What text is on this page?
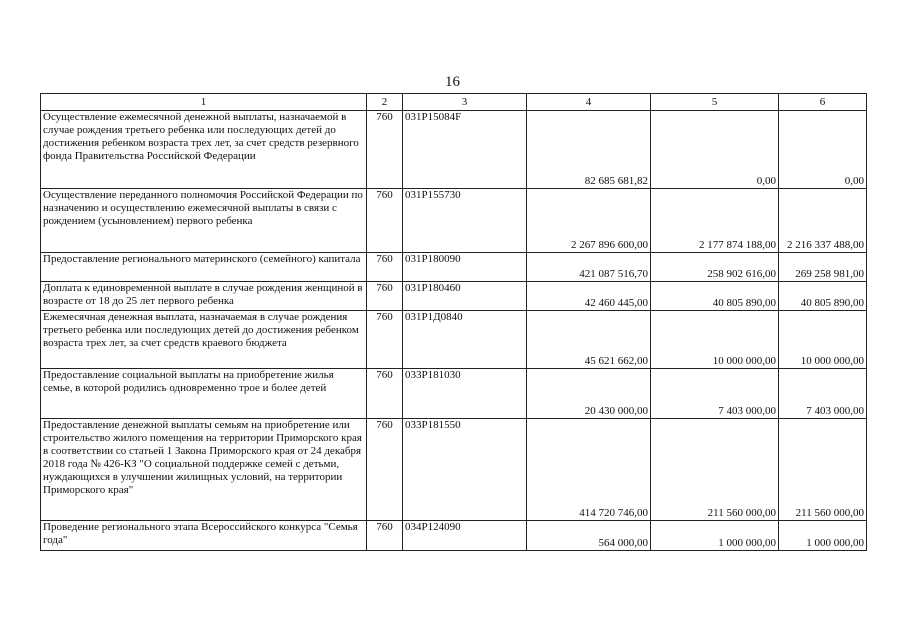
16
1	2	3	4	5	6
Осуществление ежемесячной денежной выплаты, назначаемой в случае рождения третьего ребенка или последующих детей до достижения ребенком возраста трех лет, за счет средств резервного фонда Правительства Российской Федерации	760	031P15084F	82 685 681,82	0,00	0,00
Осуществление переданного полномочия Российской Федерации по назначению и осуществлению ежемесячной выплаты в связи с рождением (усыновлением) первого ребенка	760	031P155730	2 267 896 600,00	2 177 874 188,00	2 216 337 488,00
Предоставление регионального материнского (семейного) капитала	760	031P180090	421 087 516,70	258 902 616,00	269 258 981,00
Доплата к единовременной выплате в случае рождения женщиной в возрасте от 18 до 25 лет первого ребенка	760	031P180460	42 460 445,00	40 805 890,00	40 805 890,00
Ежемесячная денежная выплата, назначаемая в случае рождения третьего ребенка или последующих детей до достижения ребенком возраста трех лет, за счет средств краевого бюджета	760	031P1Д0840	45 621 662,00	10 000 000,00	10 000 000,00
Предоставление социальной выплаты на приобретение жилья семье, в которой родились одновременно трое и более детей	760	033P181030	20 430 000,00	7 403 000,00	7 403 000,00
Предоставление денежной выплаты семьям на приобретение или строительство жилого помещения на территории Приморского края в соответствии со статьей 1 Закона Приморского края от 24 декабря 2018 года № 426-КЗ "О социальной поддержке семей с детьми, нуждающихся в улучшении жилищных условий, на территории Приморского края"	760	033P181550	414 720 746,00	211 560 000,00	211 560 000,00
Проведение регионального этапа Всероссийского конкурса "Семья года"	760	034P124090	564 000,00	1 000 000,00	1 000 000,00
